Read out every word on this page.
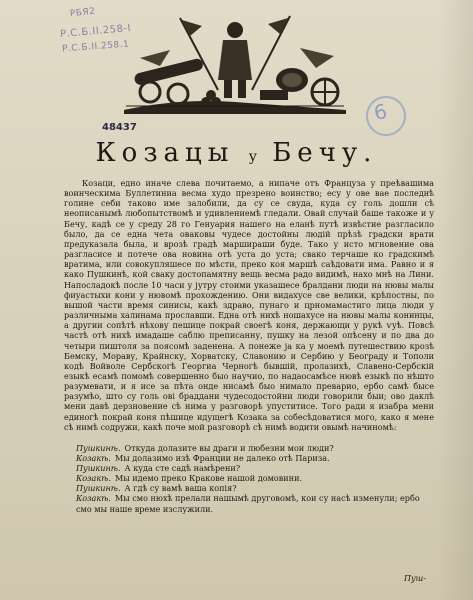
РБЯ2
Р.С.Б.II.258-I
Р.С.Б.II.258.1
48437
6
Козацы у Бечу.

Козаци, едно иначе слева почитаемо, а нипаче отъ Француза у преѣвашима воинческима Буллетиниа весма худо презрено воинство; есу у ове вае последнѣ голине себи таково име залобили, да су се свуда, куда су голь дошли сѣ неописанымѣ любопытствомѣ и удивлениемѣ гледали. Овай случай баше такоже и у Бечу, кадѣ се у среду 28 го Генуария нашего на еланѣ путѣ извѣстие разгласило было, да се една чета оваковы чудесе достойны людій прѣзѣ градски врати предуказала была, и врозѣ градѣ маршираши буде. Тако у исто мгновение ова разгласисе и потече ова новина отѣ уста до уста; свако терчаше ко градскимѣ вратима, или совокупляшесе по мѣсти, преко коя маршѣ саѣдовати има. Равно и я како Пушкинѣ, кой свакy достопамятну вещь весма радо видимѣ, нахо мнѣ на Лини. Напосладокѣ после 10 часи у јутру стоими указашесе бралдани люди на нювы малы фиуастыхи кони у нювомѣ прохождению. Они видахусе све велики, крѣпостны, по вышой части время синисы, какѣ здраво, пунаго и црномамастиго лица люди у различныма халинама прославши. Една отѣ нихѣ ношахусе на нювы малы конинцы, а другии сопѣтѣ нѣхову пешице покрай своегѣ коня, держающи у рукѣ ѵуѣ. Повсѣ частѣ отѣ нихѣ имадаше саблю преписанну, пушку на лезой опѣсену и по два до четыри пиштоля за поясомѣ заденена. А понеже ја ка у моемѣ путешествию крозѣ Бемску, Мораву, Крайнску, Хорватску, Славонию и Сербию у Београду и Тополи кодѣ Войволе Сербскогѣ Георгиа Черногѣ бывшій, пролазихѣ, Славено-Сербскій езыкѣ есамѣ помомѣ совершенно быо научио, по надаосамѣсе нювѣ езыкѣ по нѣшто разумевати, и я исе за пѣта онде нисамѣ быо нимало преварио, ербо самѣ бысе разумѣо, што су голь ові браддани чудесодостойни люди говорили быи; ово даклѣ мени давѣ дерзновение сѣ нима у разговорѣ упуститисе. Того ради я изабра мени единогѣ покрай коня пѣшице идущегѣ Козака за собесѣдоватися мого, како я мене сѣ нимѣ содружи, какѣ поче мой разговорѣ сѣ нимѣ водити овымѣ начиномѣ:

Пушкинѣ. Откуда долазите вы драги и любезни мои люди?
Козакѣ. Мы долазимо изѣ Франции не далеко отѣ Париза.
Пушкинѣ. А куда сте садѣ намѣрени?
Козакѣ. Мы идемо преко Кракове нашой домовини.
Пушкинѣ. А гдѣ су вамѣ ваша копія?
Козакѣ. Мы смо нюхѣ прелали нашымѣ друговомѣ, кои су насѣ изменули; ербо смо мы наше време изслужили.
Пуш-
